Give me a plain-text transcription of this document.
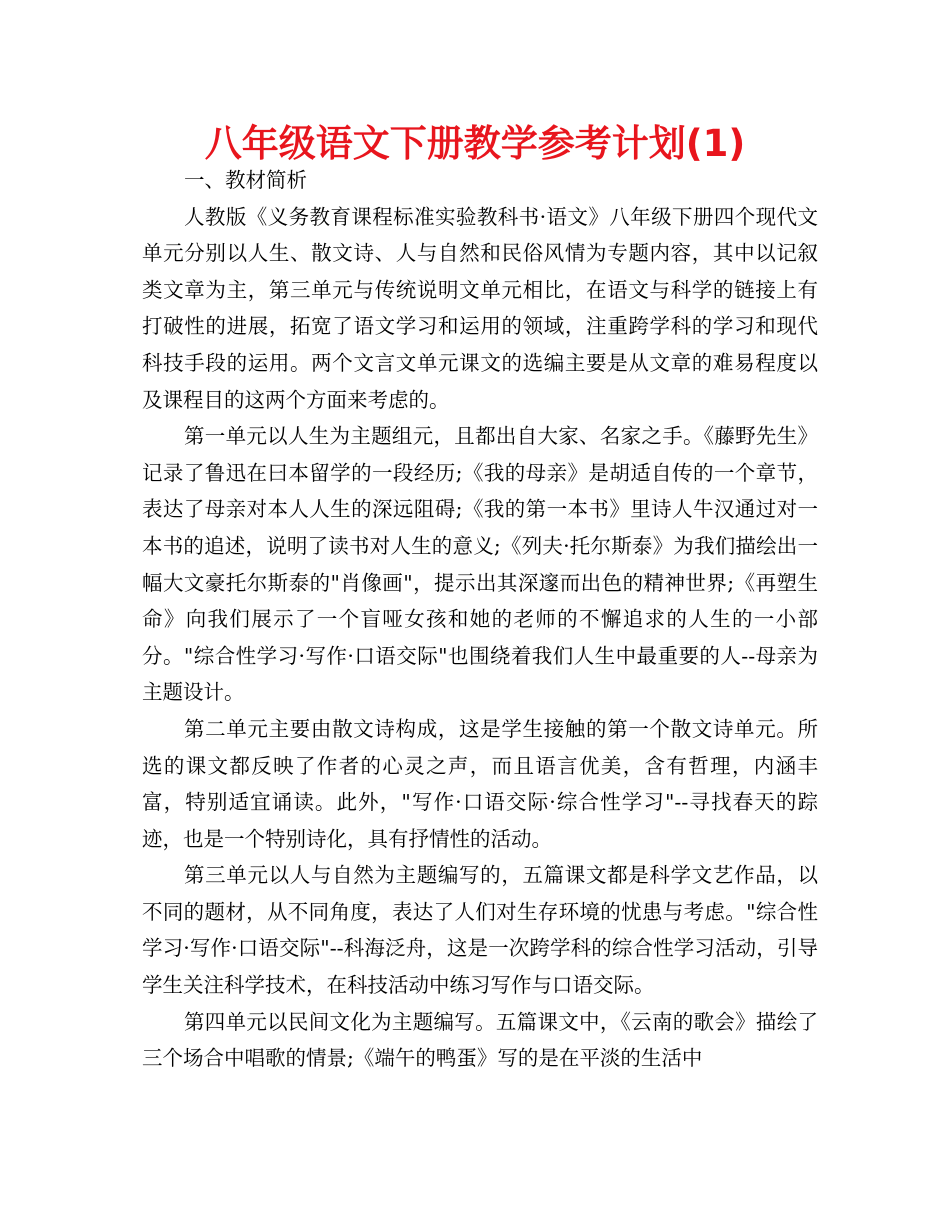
八年级语文下册教学参考计划(1)

一、教材简析

人教版《义务教育课程标准实验教科书·语文》八年级下册四个现代文单元分别以人生、散文诗、人与自然和民俗风情为专题内容，其中以记叙类文章为主，第三单元与传统说明文单元相比，在语文与科学的链接上有打破性的进展，拓宽了语文学习和运用的领域，注重跨学科的学习和现代科技手段的运用。两个文言文单元课文的选编主要是从文章的难易程度以及课程目的这两个方面来考虑的。

第一单元以人生为主题组元，且都出自大家、名家之手。《藤野先生》记录了鲁迅在曰本留学的一段经历;《我的母亲》是胡适自传的一个章节，表达了母亲对本人人生的深远阻碍;《我的第一本书》里诗人牛汉通过对一本书的追述，说明了读书对人生的意义;《列夫·托尔斯泰》为我们描绘出一幅大文豪托尔斯泰的"肖像画"，提示出其深邃而出色的精神世界;《再塑生命》向我们展示了一个盲哑女孩和她的老师的不懈追求的人生的一小部分。"综合性学习·写作·口语交际"也围绕着我们人生中最重要的人--母亲为主题设计。

第二单元主要由散文诗构成，这是学生接触的第一个散文诗单元。所选的课文都反映了作者的心灵之声，而且语言优美，含有哲理，内涵丰富，特别适宜诵读。此外，"写作·口语交际·综合性学习"--寻找春天的踪迹，也是一个特别诗化，具有抒情性的活动。

第三单元以人与自然为主题编写的，五篇课文都是科学文艺作品，以不同的题材，从不同角度，表达了人们对生存环境的忧患与考虑。"综合性学习·写作·口语交际"--科海泛舟，这是一次跨学科的综合性学习活动，引导学生关注科学技术，在科技活动中练习写作与口语交际。

第四单元以民间文化为主题编写。五篇课文中，《云南的歌会》描绘了三个场合中唱歌的情景;《端午的鸭蛋》写的是在平淡的生活中
